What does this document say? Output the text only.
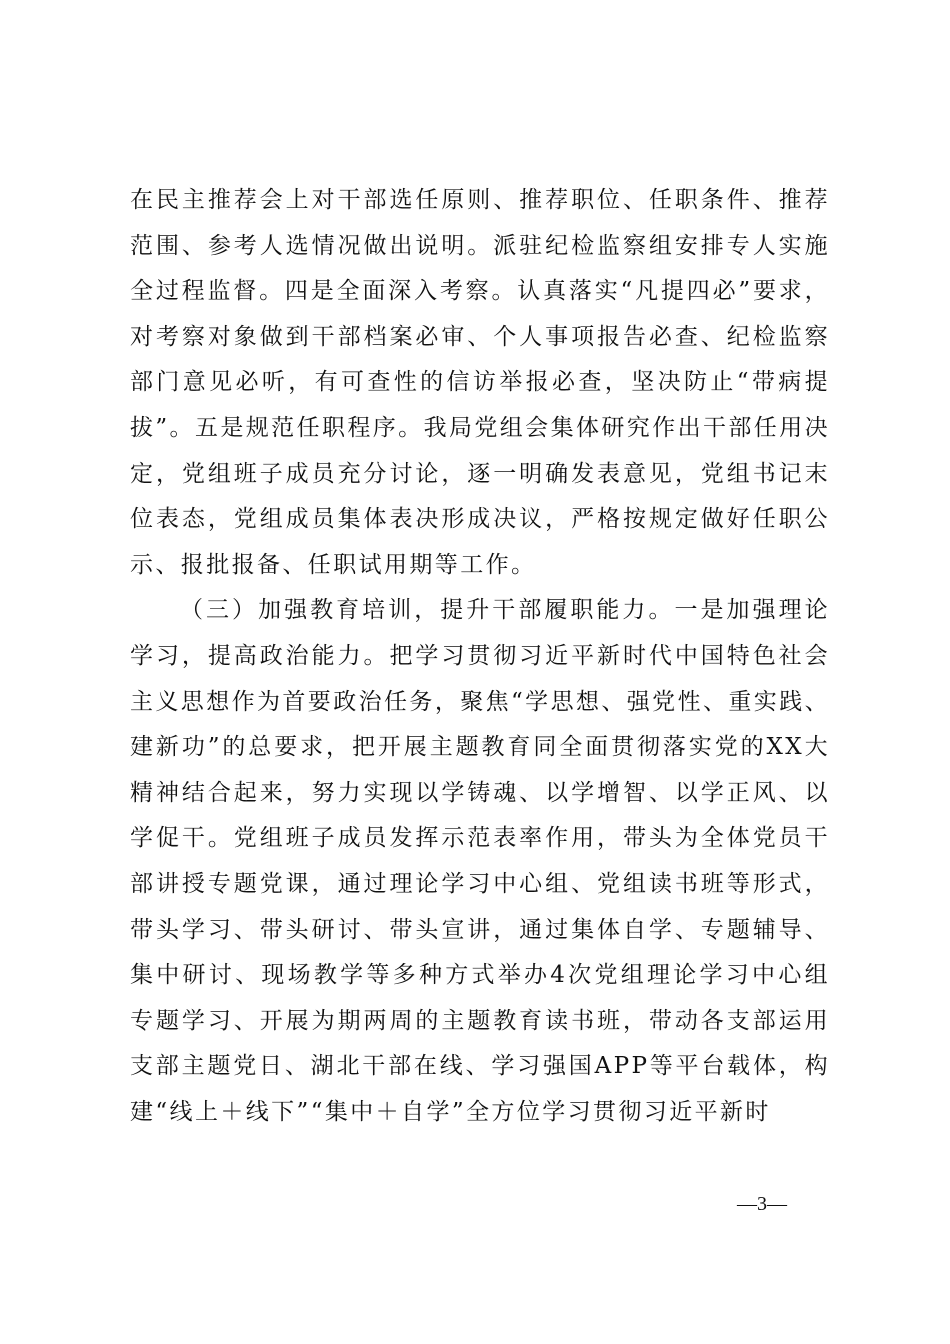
在民主推荐会上对干部选任原则、推荐职位、任职条件、推荐范围、参考人选情况做出说明。派驻纪检监察组安排专人实施全过程监督。四是全面深入考察。认真落实“凡提四必”要求，对考察对象做到干部档案必审、个人事项报告必查、纪检监察部门意见必听，有可查性的信访举报必查，坚决防止“带病提拔”。五是规范任职程序。我局党组会集体研究作出干部任用决定，党组班子成员充分讨论，逐一明确发表意见，党组书记末位表态，党组成员集体表决形成决议，严格按规定做好任职公示、报批报备、任职试用期等工作。

（三）加强教育培训，提升干部履职能力。一是加强理论学习，提高政治能力。把学习贯彻习近平新时代中国特色社会主义思想作为首要政治任务，聚焦“学思想、强党性、重实践、建新功”的总要求，把开展主题教育同全面贯彻落实党的XX大精神结合起来，努力实现以学铸魂、以学增智、以学正风、以学促干。党组班子成员发挥示范表率作用，带头为全体党员干部讲授专题党课，通过理论学习中心组、党组读书班等形式，带头学习、带头研讨、带头宣讲，通过集体自学、专题辅导、集中研讨、现场教学等多种方式举办4次党组理论学习中心组专题学习、开展为期两周的主题教育读书班，带动各支部运用支部主题党日、湖北干部在线、学习强国APP等平台载体，构建“线上＋线下”“集中＋自学”全方位学习贯彻习近平新时

—3—
